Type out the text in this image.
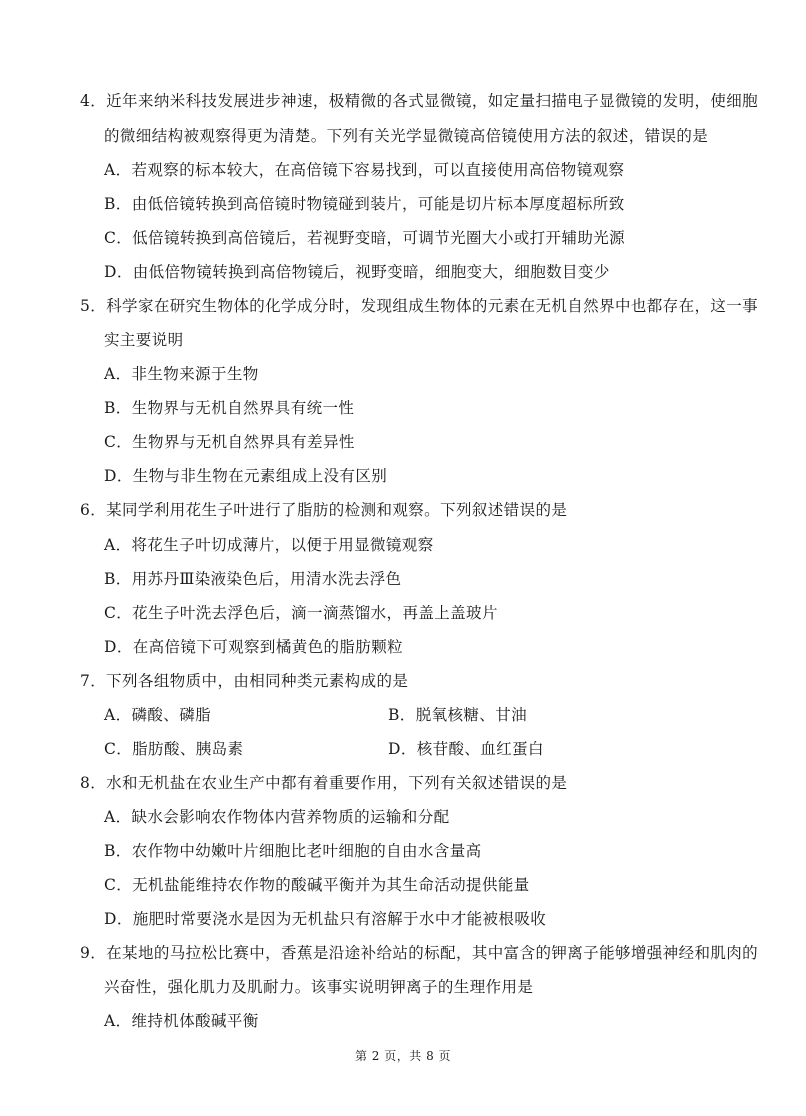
4．近年来纳米科技发展进步神速，极精微的各式显微镜，如定量扫描电子显微镜的发明，使细胞
的微细结构被观察得更为清楚。下列有关光学显微镜高倍镜使用方法的叙述，错误的是
A．若观察的标本较大，在高倍镜下容易找到，可以直接使用高倍物镜观察
B．由低倍镜转换到高倍镜时物镜碰到装片，可能是切片标本厚度超标所致
C．低倍镜转换到高倍镜后，若视野变暗，可调节光圈大小或打开辅助光源
D．由低倍物镜转换到高倍物镜后，视野变暗，细胞变大，细胞数目变少
5．科学家在研究生物体的化学成分时，发现组成生物体的元素在无机自然界中也都存在，这一事
实主要说明
A．非生物来源于生物
B．生物界与无机自然界具有统一性
C．生物界与无机自然界具有差异性
D．生物与非生物在元素组成上没有区别
6．某同学利用花生子叶进行了脂肪的检测和观察。下列叙述错误的是
A．将花生子叶切成薄片，以便于用显微镜观察
B．用苏丹Ⅲ染液染色后，用清水洗去浮色
C．花生子叶洗去浮色后，滴一滴蒸馏水，再盖上盖玻片
D．在高倍镜下可观察到橘黄色的脂肪颗粒
7．下列各组物质中，由相同种类元素构成的是
A．磷酸、磷脂	B．脱氧核糖、甘油
C．脂肪酸、胰岛素	D．核苷酸、血红蛋白
8．水和无机盐在农业生产中都有着重要作用，下列有关叙述错误的是
A．缺水会影响农作物体内营养物质的运输和分配
B．农作物中幼嫩叶片细胞比老叶细胞的自由水含量高
C．无机盐能维持农作物的酸碱平衡并为其生命活动提供能量
D．施肥时常要浇水是因为无机盐只有溶解于水中才能被根吸收
9．在某地的马拉松比赛中，香蕉是沿途补给站的标配，其中富含的钾离子能够增强神经和肌肉的
兴奋性，强化肌力及肌耐力。该事实说明钾离子的生理作用是
A．维持机体酸碱平衡
第 2 页，共 8 页
